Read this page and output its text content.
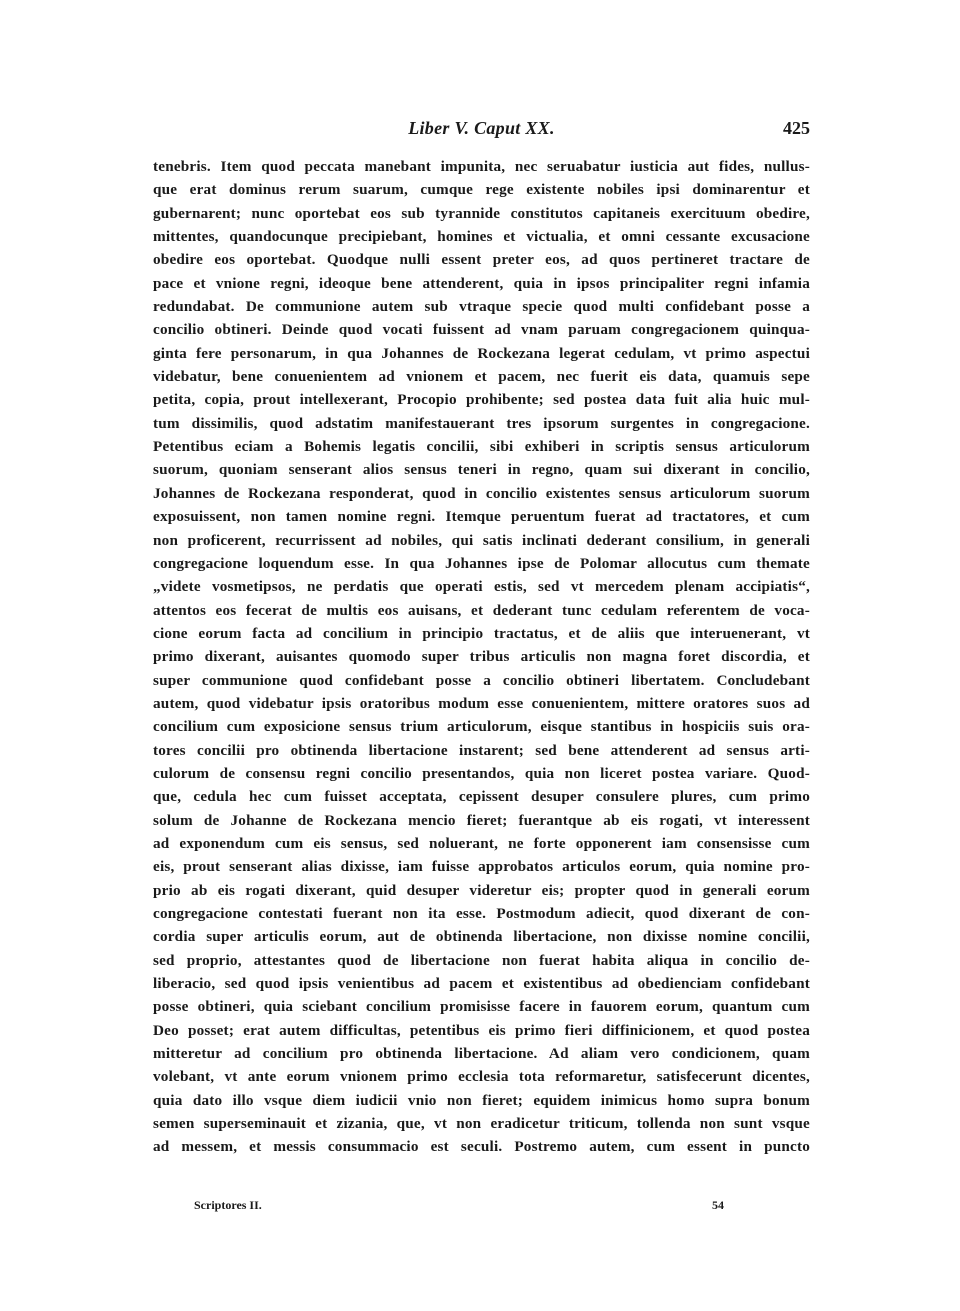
Liber V. Caput XX.	425
tenebris. Item quod peccata manebant impunita, nec seruabatur iusticia aut fides, nullus-
que erat dominus rerum suarum, cumque rege existente nobiles ipsi dominarentur et
gubernarent; nunc oportebat eos sub tyrannide constitutos capitaneis exercituum obedire,
mittentes, quandocunque precipiebant, homines et victualia, et omni cessante excusacione
obedire eos oportebat. Quodque nulli essent preter eos, ad quos pertineret tractare de
pace et vnione regni, ideoque bene attenderent, quia in ipsos principaliter regni infamia
redundabat. De communione autem sub vtraque specie quod multi confidebant posse a
concilio obtineri. Deinde quod vocati fuissent ad vnam paruam congregacionem quinqua-
ginta fere personarum, in qua Johannes de Rockezana legerat cedulam, vt primo aspectui
videbatur, bene conuenientem ad vnionem et pacem, nec fuerit eis data, quamuis sepe
petita, copia, prout intellexerant, Procopio prohibente; sed postea data fuit alia huic mul-
tum dissimilis, quod adstatim manifestauerant tres ipsorum surgentes in congregacione.
Petentibus eciam a Bohemis legatis concilii, sibi exhiberi in scriptis sensus articulorum
suorum, quoniam senserant alios sensus teneri in regno, quam sui dixerant in concilio,
Johannes de Rockezana responderat, quod in concilio existentes sensus articulorum suorum
exposuissent, non tamen nomine regni. Itemque peruentum fuerat ad tractatores, et cum
non proficerent, recurrissent ad nobiles, qui satis inclinati dederant consilium, in generali
congregacione loquendum esse. In qua Johannes ipse de Polomar allocutus cum themate
„videte vosmetipsos, ne perdatis que operati estis, sed vt mercedem plenam accipiatis“,
attentos eos fecerat de multis eos auisans, et dederant tunc cedulam referentem de voca-
cione eorum facta ad concilium in principio tractatus, et de aliis que interuenerant, vt
primo dixerant, auisantes quomodo super tribus articulis non magna foret discordia, et
super communione quod confidebant posse a concilio obtineri libertatem. Concludebant
autem, quod videbatur ipsis oratoribus modum esse conuenientem, mittere oratores suos ad
concilium cum exposicione sensus trium articulorum, eisque stantibus in hospiciis suis ora-
tores concilii pro obtinenda libertacione instarent; sed bene attenderent ad sensus arti-
culorum de consensu regni concilio presentandos, quia non liceret postea variare. Quod-
que, cedula hec cum fuisset acceptata, cepissent desuper consulere plures, cum primo
solum de Johanne de Rockezana mencio fieret; fuerantque ab eis rogati, vt interessent
ad exponendum cum eis sensus, sed noluerant, ne forte opponerent iam consensisse cum
eis, prout senserant alias dixisse, iam fuisse approbatos articulos eorum, quia nomine pro-
prio ab eis rogati dixerant, quid desuper videretur eis; propter quod in generali eorum
congregacione contestati fuerant non ita esse. Postmodum adiecit, quod dixerant de con-
cordia super articulis eorum, aut de obtinenda libertacione, non dixisse nomine concilii,
sed proprio, attestantes quod de libertacione non fuerat habita aliqua in concilio de-
liberacio, sed quod ipsis venientibus ad pacem et existentibus ad obedienciam confidebant
posse obtineri, quia sciebant concilium promisisse facere in fauorem eorum, quantum cum
Deo posset; erat autem difficultas, petentibus eis primo fieri diffinicionem, et quod postea
mitteretur ad concilium pro obtinenda libertacione. Ad aliam vero condicionem, quam
volebant, vt ante eorum vnionem primo ecclesia tota reformaretur, satisfecerunt dicentes,
quia dato illo vsque diem iudicii vnio non fieret; equidem inimicus homo supra bonum
semen superseminauit et zizania, que, vt non eradicetur triticum, tollenda non sunt vsque
ad messem, et messis consummacio est seculi. Postremo autem, cum essent in puncto
Scriptores II.	54
